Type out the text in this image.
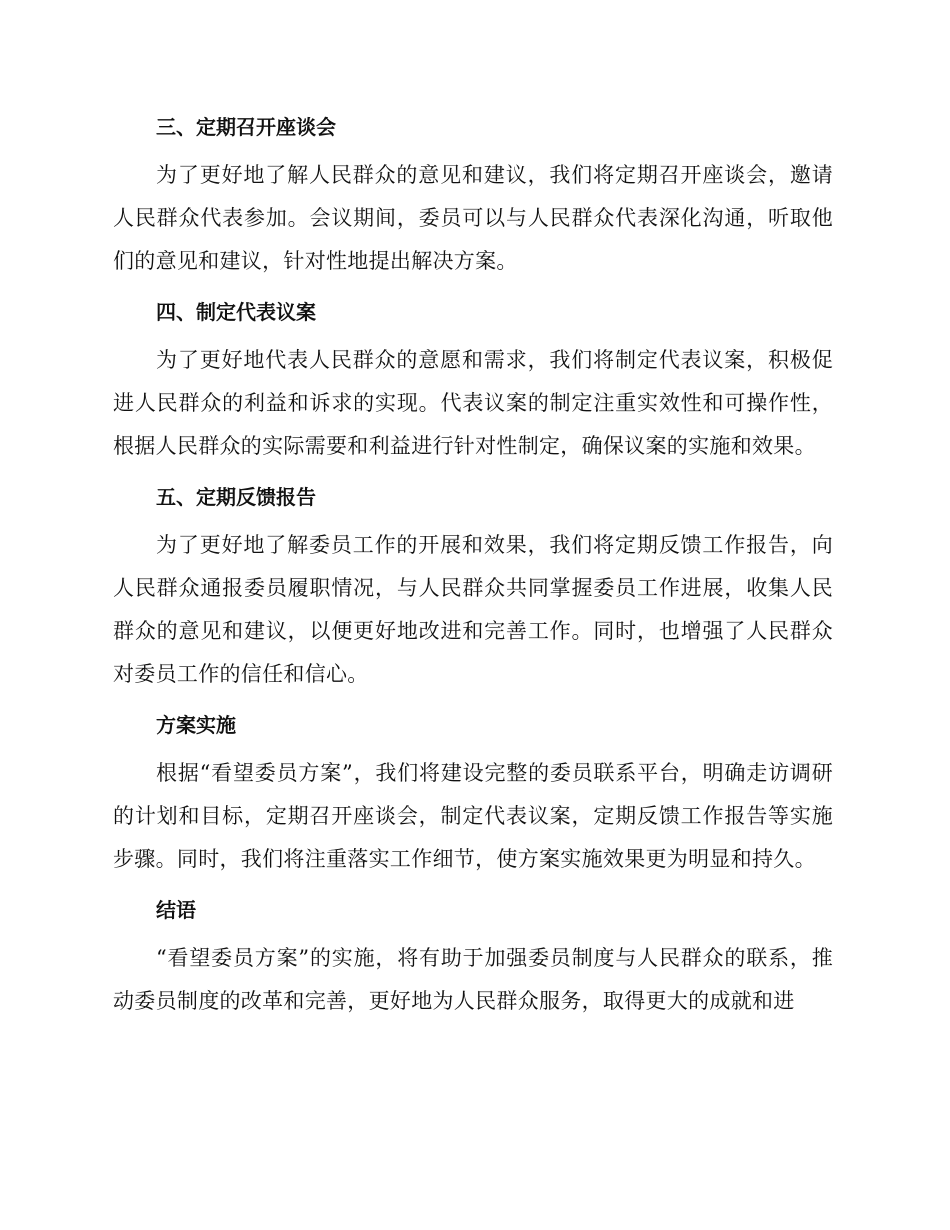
三、定期召开座谈会

为了更好地了解人民群众的意见和建议，我们将定期召开座谈会，邀请人民群众代表参加。会议期间，委员可以与人民群众代表深化沟通，听取他们的意见和建议，针对性地提出解决方案。

四、制定代表议案

为了更好地代表人民群众的意愿和需求，我们将制定代表议案，积极促进人民群众的利益和诉求的实现。代表议案的制定注重实效性和可操作性，根据人民群众的实际需要和利益进行针对性制定，确保议案的实施和效果。

五、定期反馈报告

为了更好地了解委员工作的开展和效果，我们将定期反馈工作报告，向人民群众通报委员履职情况，与人民群众共同掌握委员工作进展，收集人民群众的意见和建议，以便更好地改进和完善工作。同时，也增强了人民群众对委员工作的信任和信心。

方案实施

根据“看望委员方案”，我们将建设完整的委员联系平台，明确走访调研的计划和目标，定期召开座谈会，制定代表议案，定期反馈工作报告等实施步骤。同时，我们将注重落实工作细节，使方案实施效果更为明显和持久。

结语

“看望委员方案”的实施，将有助于加强委员制度与人民群众的联系，推动委员制度的改革和完善，更好地为人民群众服务，取得更大的成就和进
